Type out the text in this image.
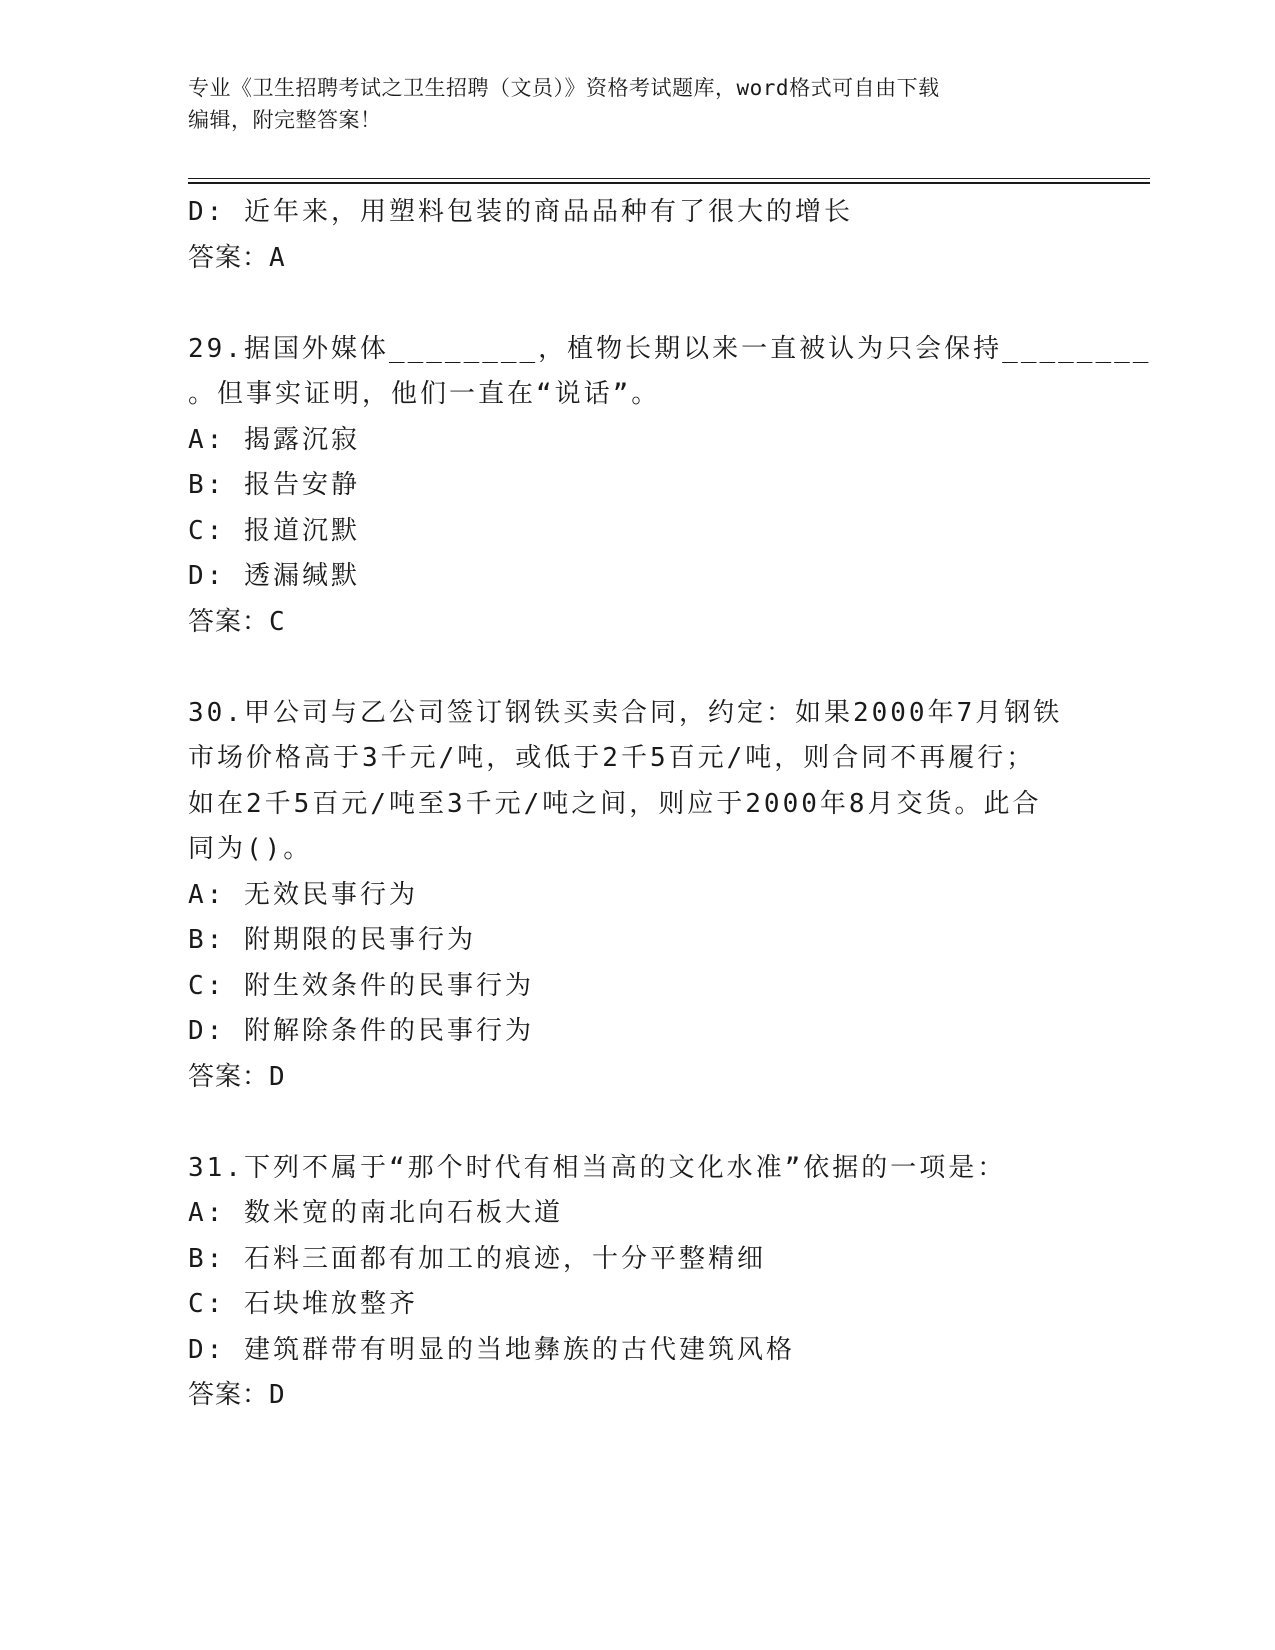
专业《卫生招聘考试之卫生招聘（文员）》资格考试题库，word格式可自由下载
编辑，附完整答案！
D: 近年来，用塑料包装的商品品种有了很大的增长
答案：A
29.据国外媒体________，植物长期以来一直被认为只会保持________
。但事实证明，他们一直在“说话”。
A: 揭露沉寂
B: 报告安静
C: 报道沉默
D: 透漏缄默
答案：C
30.甲公司与乙公司签订钢铁买卖合同，约定：如果2000年7月钢铁
市场价格高于3千元/吨，或低于2千5百元/吨，则合同不再履行；
如在2千5百元/吨至3千元/吨之间，则应于2000年8月交货。此合
同为()。
A: 无效民事行为
B: 附期限的民事行为
C: 附生效条件的民事行为
D: 附解除条件的民事行为
答案：D
31.下列不属于“那个时代有相当高的文化水准”依据的一项是：
A: 数米宽的南北向石板大道
B: 石料三面都有加工的痕迹，十分平整精细
C: 石块堆放整齐
D: 建筑群带有明显的当地彝族的古代建筑风格
答案：D
